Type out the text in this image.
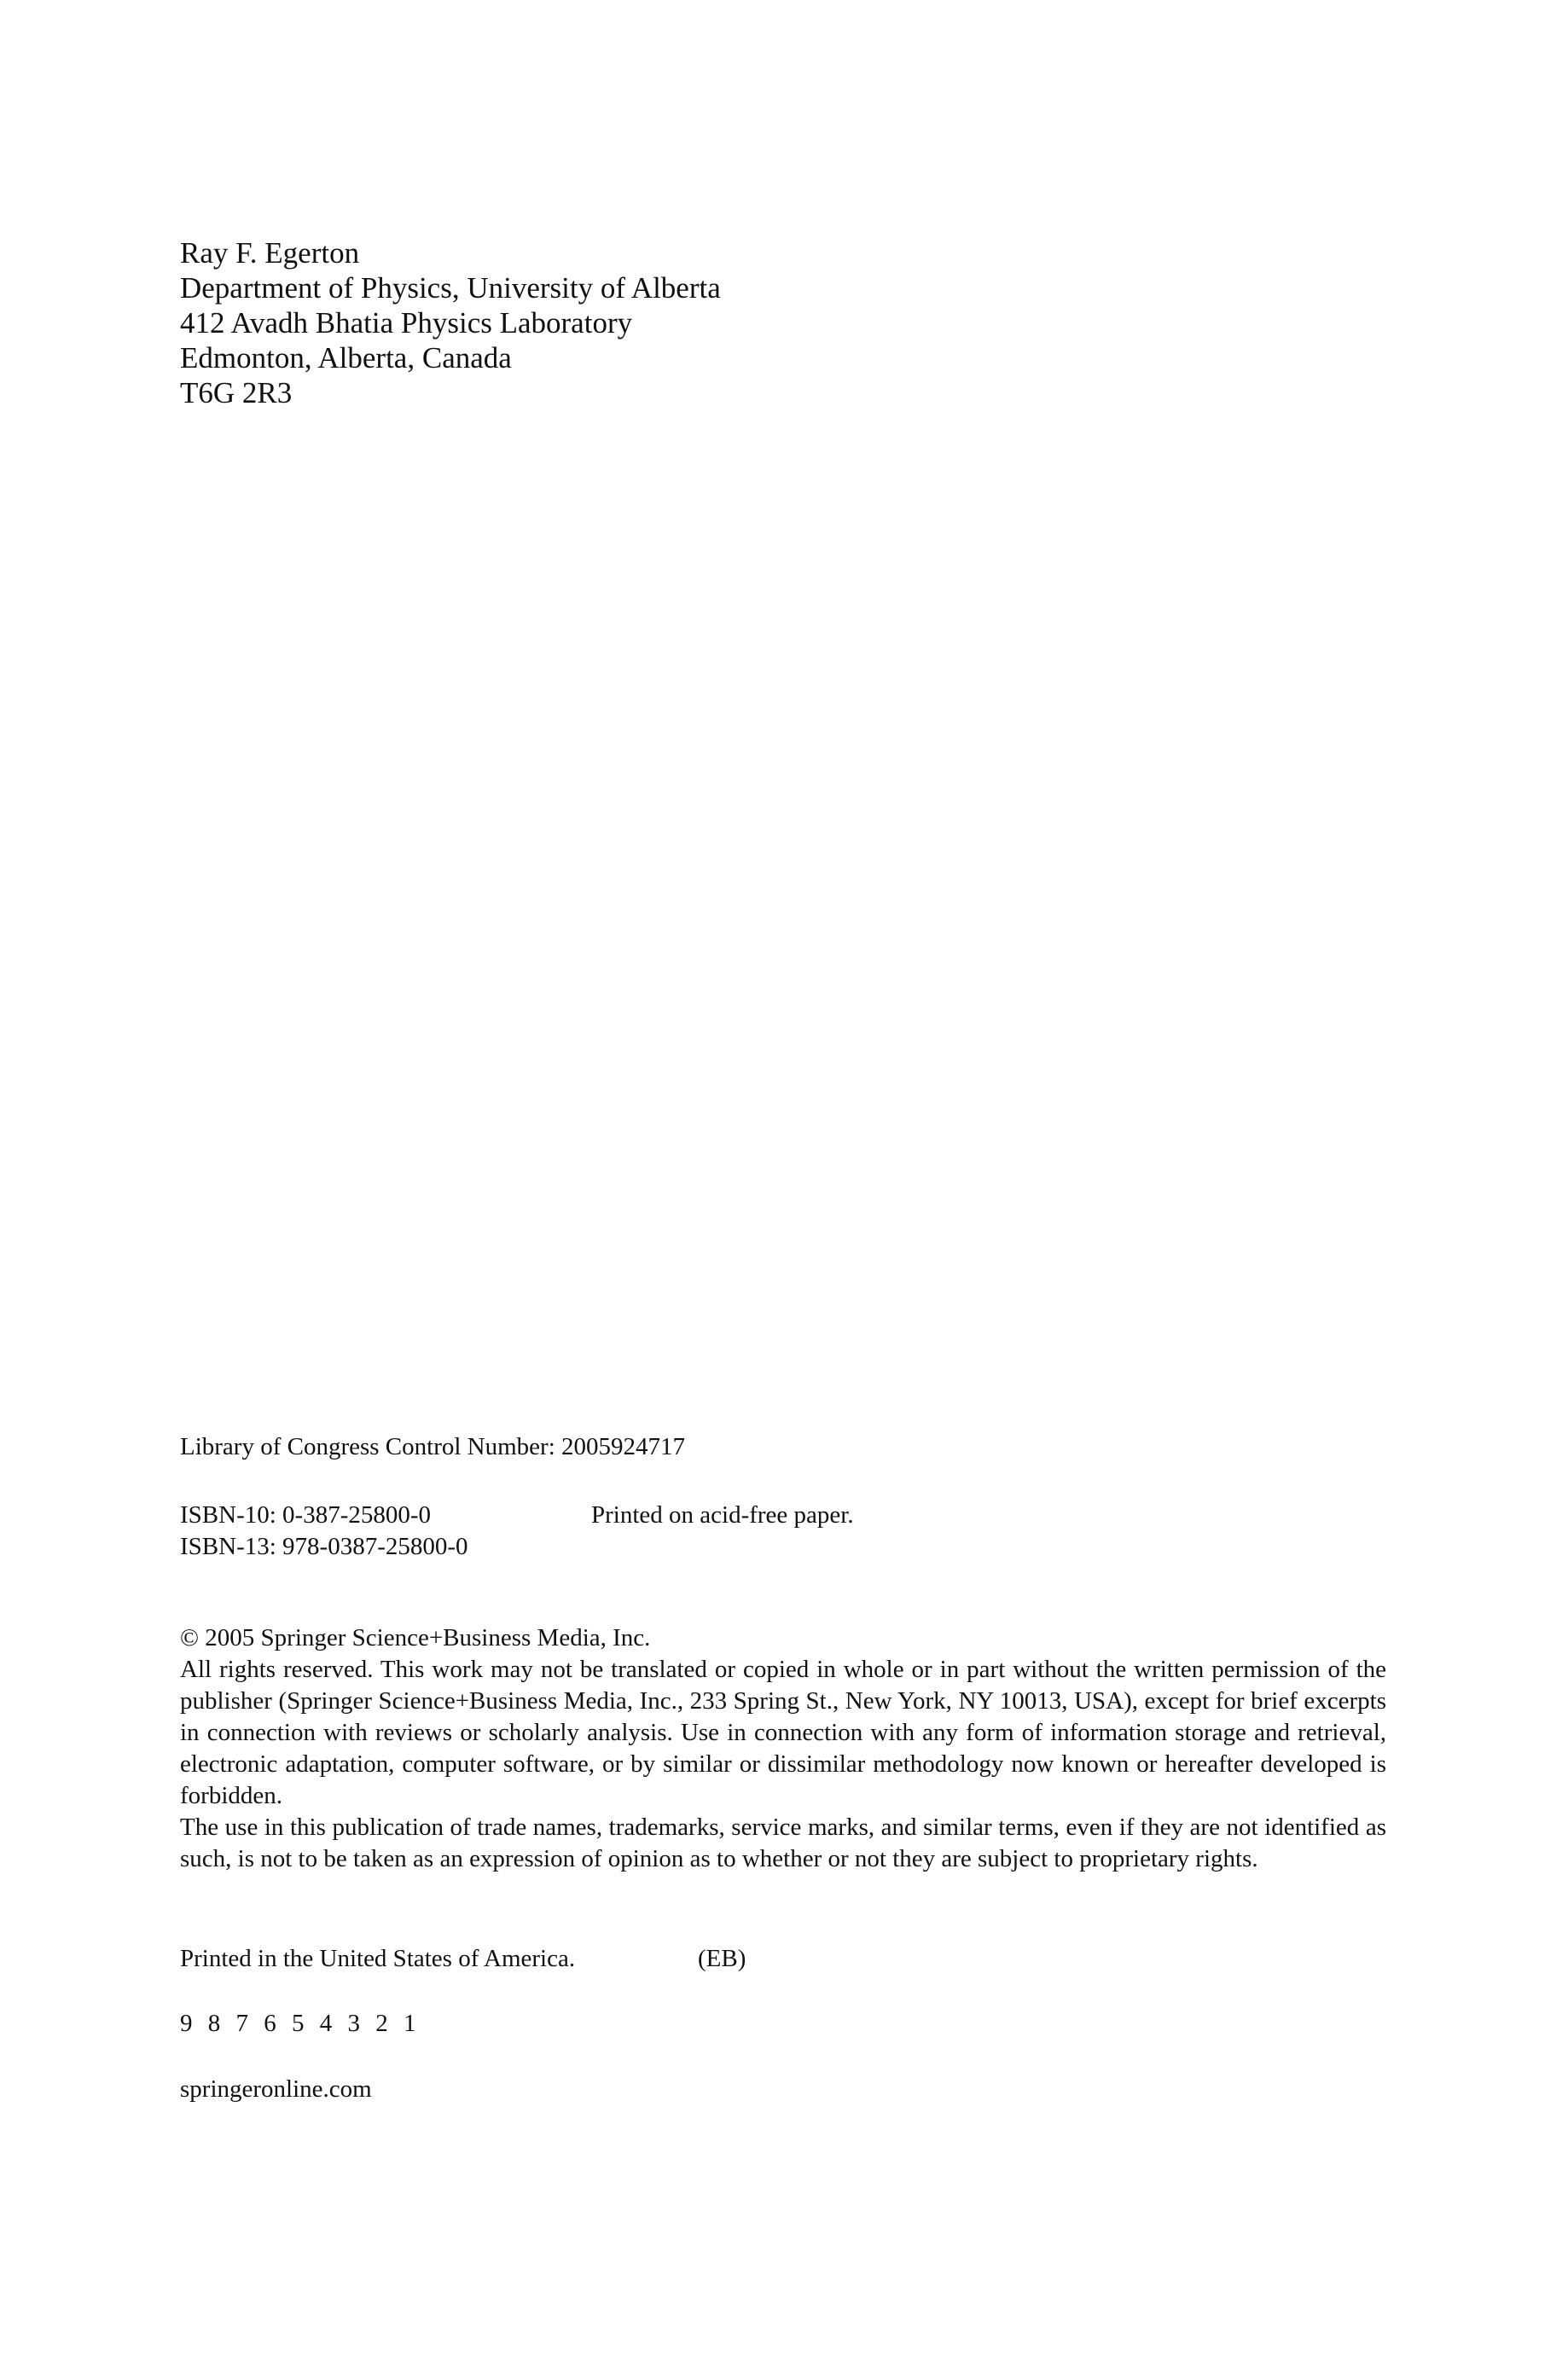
Ray F. Egerton
Department of Physics, University of Alberta
412 Avadh Bhatia Physics Laboratory
Edmonton, Alberta, Canada
T6G 2R3
Library of Congress Control Number: 2005924717
ISBN-10: 0-387-25800-0	Printed on acid-free paper.
ISBN-13: 978-0387-25800-0

© 2005 Springer Science+Business Media, Inc.

All rights reserved. This work may not be translated or copied in whole or in part without the written permission of the publisher (Springer Science+Business Media, Inc., 233 Spring St., New York, NY 10013, USA), except for brief excerpts in connection with reviews or scholarly analysis. Use in connection with any form of information storage and retrieval, electronic adaptation, computer software, or by similar or dissimilar methodology now known or hereafter developed is forbidden.

The use in this publication of trade names, trademarks, service marks, and similar terms, even if they are not identified as such, is not to be taken as an expression of opinion as to whether or not they are subject to proprietary rights.

Printed in the United States of America.	(EB)
9 8 7 6 5 4 3 2 1
springeronline.com
